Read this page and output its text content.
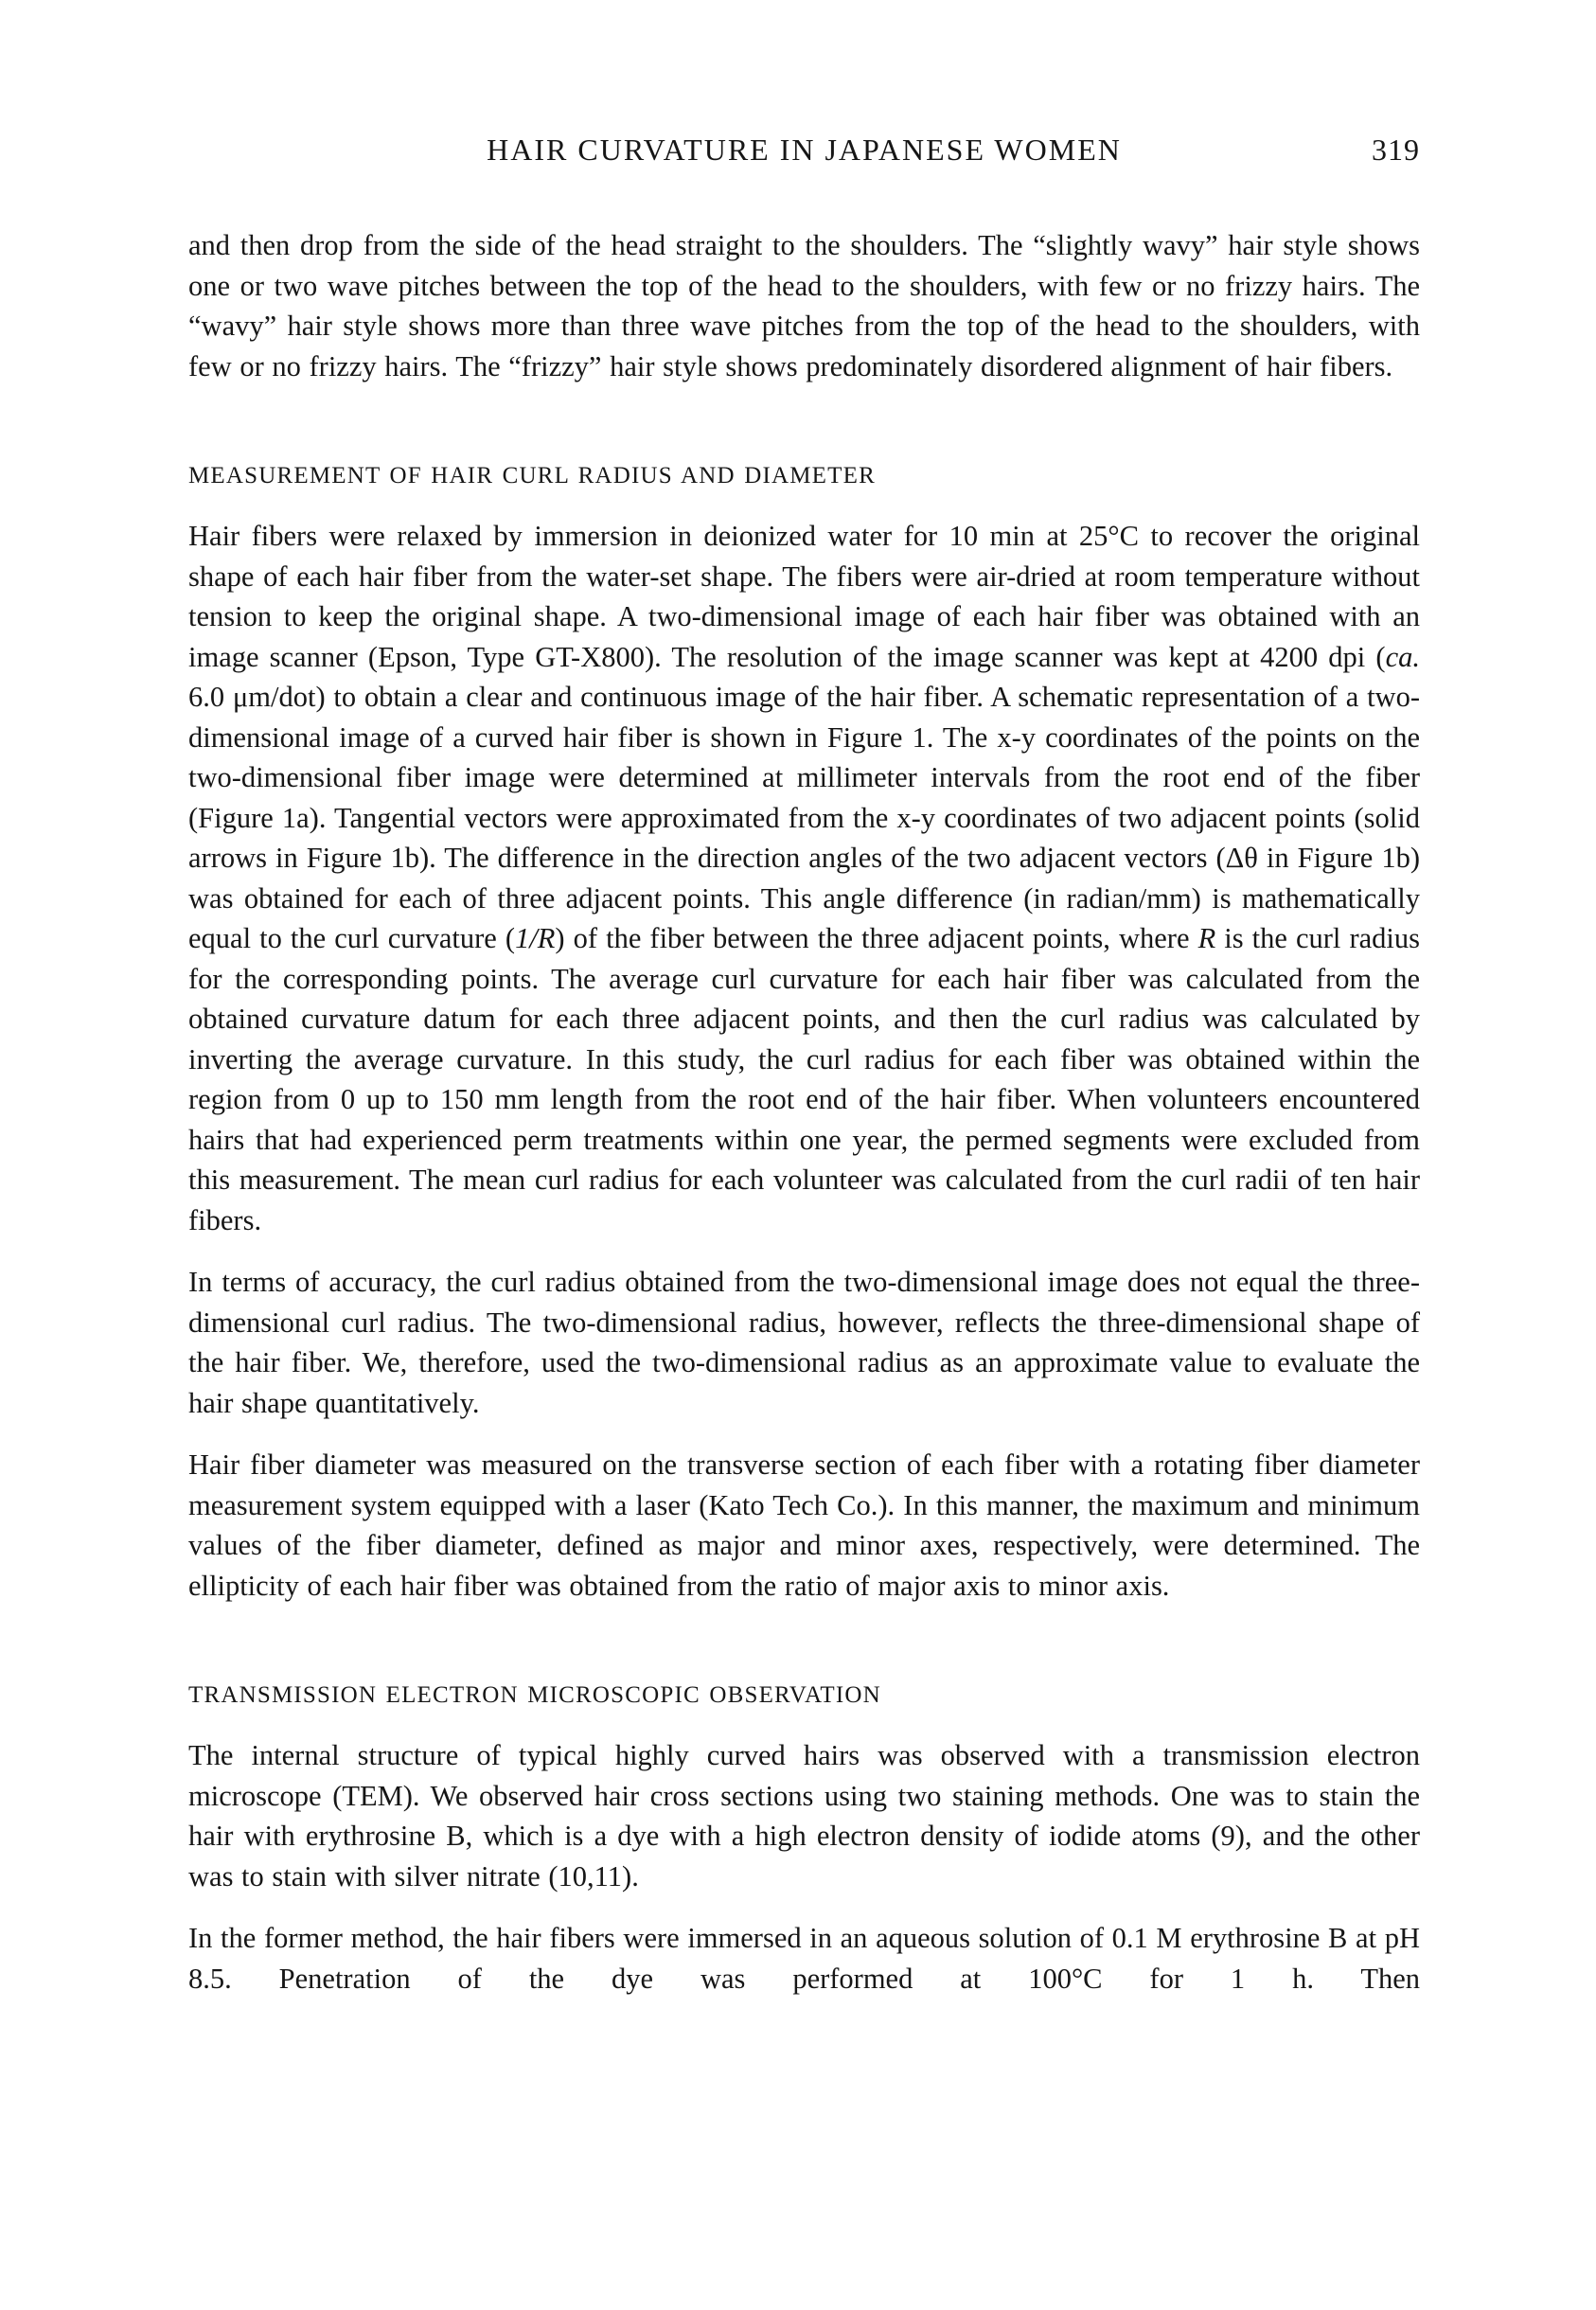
HAIR CURVATURE IN JAPANESE WOMEN	319

and then drop from the side of the head straight to the shoulders. The “slightly wavy” hair style shows one or two wave pitches between the top of the head to the shoulders, with few or no frizzy hairs. The “wavy” hair style shows more than three wave pitches from the top of the head to the shoulders, with few or no frizzy hairs. The “frizzy” hair style shows predominately disordered alignment of hair fibers.

MEASUREMENT OF HAIR CURL RADIUS AND DIAMETER

Hair fibers were relaxed by immersion in deionized water for 10 min at 25°C to recover the original shape of each hair fiber from the water-set shape. The fibers were air-dried at room temperature without tension to keep the original shape. A two-dimensional image of each hair fiber was obtained with an image scanner (Epson, Type GT-X800). The resolution of the image scanner was kept at 4200 dpi (ca. 6.0 μm/dot) to obtain a clear and continuous image of the hair fiber. A schematic representation of a two-dimensional image of a curved hair fiber is shown in Figure 1. The x-y coordinates of the points on the two-dimensional fiber image were determined at millimeter intervals from the root end of the fiber (Figure 1a). Tangential vectors were approximated from the x-y coordinates of two adjacent points (solid arrows in Figure 1b). The difference in the direction angles of the two adjacent vectors (Δθ in Figure 1b) was obtained for each of three adjacent points. This angle difference (in radian/mm) is mathematically equal to the curl curvature (1/R) of the fiber between the three adjacent points, where R is the curl radius for the corresponding points. The average curl curvature for each hair fiber was calculated from the obtained curvature datum for each three adjacent points, and then the curl radius was calculated by inverting the average curvature. In this study, the curl radius for each fiber was obtained within the region from 0 up to 150 mm length from the root end of the hair fiber. When volunteers encountered hairs that had experienced perm treatments within one year, the permed segments were excluded from this measurement. The mean curl radius for each volunteer was calculated from the curl radii of ten hair fibers.

In terms of accuracy, the curl radius obtained from the two-dimensional image does not equal the three-dimensional curl radius. The two-dimensional radius, however, reflects the three-dimensional shape of the hair fiber. We, therefore, used the two-dimensional radius as an approximate value to evaluate the hair shape quantitatively.

Hair fiber diameter was measured on the transverse section of each fiber with a rotating fiber diameter measurement system equipped with a laser (Kato Tech Co.). In this manner, the maximum and minimum values of the fiber diameter, defined as major and minor axes, respectively, were determined. The ellipticity of each hair fiber was obtained from the ratio of major axis to minor axis.

TRANSMISSION ELECTRON MICROSCOPIC OBSERVATION

The internal structure of typical highly curved hairs was observed with a transmission electron microscope (TEM). We observed hair cross sections using two staining methods. One was to stain the hair with erythrosine B, which is a dye with a high electron density of iodide atoms (9), and the other was to stain with silver nitrate (10,11).

In the former method, the hair fibers were immersed in an aqueous solution of 0.1 M erythrosine B at pH 8.5. Penetration of the dye was performed at 100°C for 1 h. Then
